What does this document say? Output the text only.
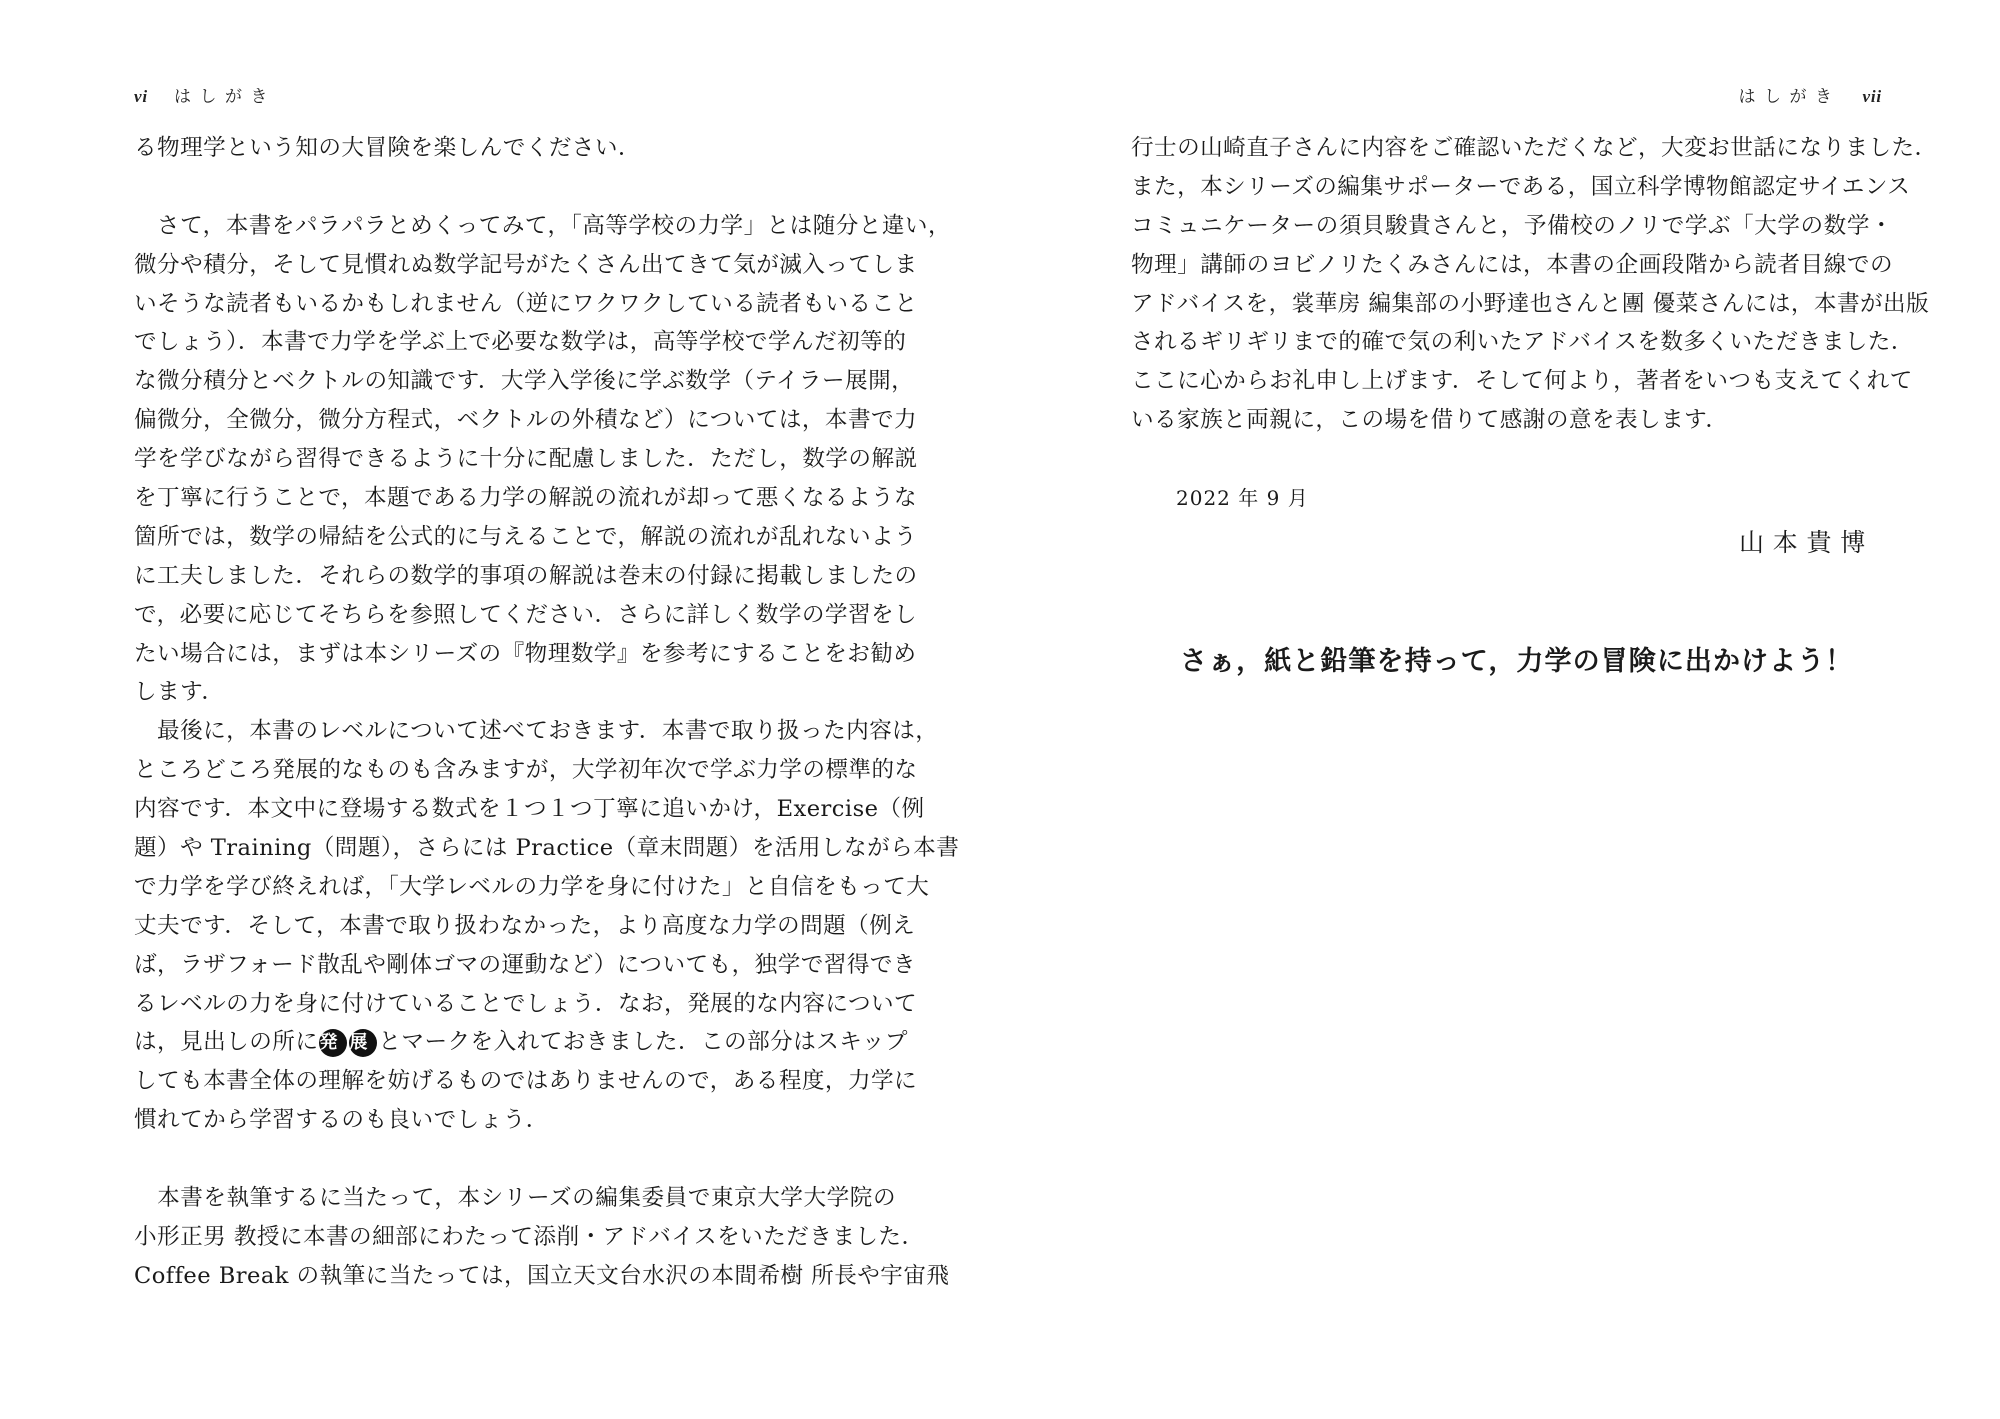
vi はしがき
る物理学という知の大冒険を楽しんでください．
　さて，本書をパラパラとめくってみて，「高等学校の力学」とは随分と違い，
微分や積分，そして見慣れぬ数学記号がたくさん出てきて気が滅入ってしま
いそうな読者もいるかもしれません（逆にワクワクしている読者もいること
でしょう）．本書で力学を学ぶ上で必要な数学は，高等学校で学んだ初等的
な微分積分とベクトルの知識です．大学入学後に学ぶ数学（テイラー展開，
偏微分，全微分，微分方程式，ベクトルの外積など）については，本書で力
学を学びながら習得できるように十分に配慮しました．ただし，数学の解説
を丁寧に行うことで，本題である力学の解説の流れが却って悪くなるような
箇所では，数学の帰結を公式的に与えることで，解説の流れが乱れないよう
に工夫しました．それらの数学的事項の解説は巻末の付録に掲載しましたの
で，必要に応じてそちらを参照してください．さらに詳しく数学の学習をし
たい場合には，まずは本シリーズの『物理数学』を参考にすることをお勧め
します．
　最後に，本書のレベルについて述べておきます．本書で取り扱った内容は，
ところどころ発展的なものも含みますが，大学初年次で学ぶ力学の標準的な
内容です．本文中に登場する数式を１つ１つ丁寧に追いかけ，Exercise（例
題）や Training（問題），さらには Practice（章末問題）を活用しながら本書
で力学を学び終えれば，「大学レベルの力学を身に付けた」と自信をもって大
丈夫です．そして，本書で取り扱わなかった，より高度な力学の問題（例え
ば，ラザフォード散乱や剛体ゴマの運動など）についても，独学で習得でき
るレベルの力を身に付けていることでしょう．なお，発展的な内容について
は，見出しの所に発 展 とマークを入れておきました．この部分はスキップ
しても本書全体の理解を妨げるものではありませんので，ある程度，力学に
慣れてから学習するのも良いでしょう．
　本書を執筆するに当たって，本シリーズの編集委員で東京大学大学院の
小形正男 教授に本書の細部にわたって添削・アドバイスをいただきました．
Coffee Break の執筆に当たっては，国立天文台水沢の本間希樹 所長や宇宙飛
はしがき vii
行士の山崎直子さんに内容をご確認いただくなど，大変お世話になりました．
また，本シリーズの編集サポーターである，国立科学博物館認定サイエンス
コミュニケーターの須貝駿貴さんと，予備校のノリで学ぶ「大学の数学・
物理」講師のヨビノリたくみさんには，本書の企画段階から読者目線での
アドバイスを，裳華房 編集部の小野達也さんと團 優菜さんには，本書が出版
されるギリギリまで的確で気の利いたアドバイスを数多くいただきました．
ここに心からお礼申し上げます．そして何より，著者をいつも支えてくれて
いる家族と両親に，この場を借りて感謝の意を表します．
2022 年 9 月
山本貴博
さぁ，紙と鉛筆を持って，力学の冒険に出かけよう！
